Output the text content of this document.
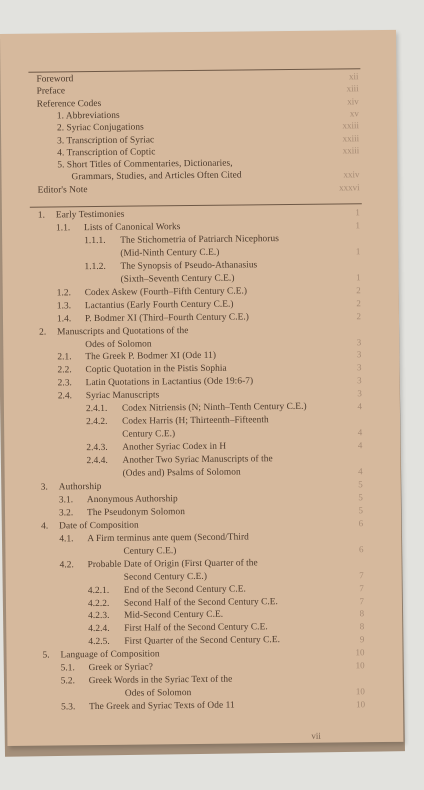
Foreword	xii
Preface	xiii
Reference Codes	xiv
1. Abbreviations	xv
2. Syriac Conjugations	xxiii
3. Transcription of Syriac	xxiii
4. Transcription of Coptic	xxiii
5. Short Titles of Commentaries, Dictionaries,
Grammars, Studies, and Articles Often Cited	xxiv
Editor's Note	xxxvi
1. Early Testimonies	1
1.1. Lists of Canonical Works	1
1.1.1. The Stichometria of Patriarch Nicephorus
(Mid-Ninth Century C.E.)	1
1.1.2. The Synopsis of Pseudo-Athanasius
(Sixth–Seventh Century C.E.)	1
1.2. Codex Askew (Fourth–Fifth Century C.E.)	2
1.3. Lactantius (Early Fourth Century C.E.)	2
1.4. P. Bodmer XI (Third–Fourth Century C.E.)	2
2. Manuscripts and Quotations of the
Odes of Solomon	3
2.1. The Greek P. Bodmer XI (Ode 11)	3
2.2. Coptic Quotation in the Pistis Sophia	3
2.3. Latin Quotations in Lactantius (Ode 19:6-7)	3
2.4. Syriac Manuscripts	3
2.4.1. Codex Nitriensis (N; Ninth–Tenth Century C.E.)	4
2.4.2. Codex Harris (H; Thirteenth–Fifteenth
Century C.E.)	4
2.4.3. Another Syriac Codex in H	4
2.4.4. Another Two Syriac Manuscripts of the
(Odes and) Psalms of Solomon	4
3. Authorship	5
3.1. Anonymous Authorship	5
3.2. The Pseudonym Solomon	5
4. Date of Composition	6
4.1. A Firm terminus ante quem (Second/Third
Century C.E.)	6
4.2. Probable Date of Origin (First Quarter of the
Second Century C.E.)	7
4.2.1. End of the Second Century C.E.	7
4.2.2. Second Half of the Second Century C.E.	7
4.2.3. Mid-Second Century C.E.	8
4.2.4. First Half of the Second Century C.E.	8
4.2.5. First Quarter of the Second Century C.E.	9
5. Language of Composition	10
5.1. Greek or Syriac?	10
5.2. Greek Words in the Syriac Text of the
Odes of Solomon	10
5.3. The Greek and Syriac Texts of Ode 11	10
vii
